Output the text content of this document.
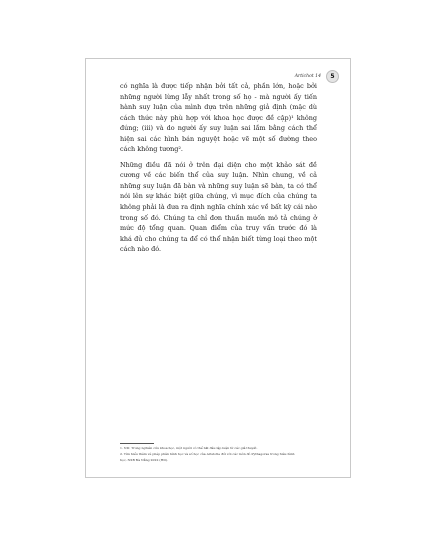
Artichot 14	5

có nghĩa là được tiếp nhận bởi tất cả, phần lớn, hoặc bởi
những người lừng lẫy nhất trong số họ - mà người ấy tiến
hành suy luận của mình dựa trên những giả định (mặc dù
cách thức này phù hợp với khoa học được đề cập)¹ không
đúng; (iii) và do người ấy suy luận sai lầm bằng cách thể
hiện sai các hình bán nguyệt hoặc vẽ một số đường theo
cách không tương².

Những điều đã nói ở trên đại diện cho một khảo sát đề
cương về các biến thể của suy luận. Nhìn chung, về cả
những suy luận đã bàn và những suy luận sẽ bàn, ta có thể
nói lên sự khác biệt giữa chúng, vì mục đích của chúng ta
không phải là đưa ra định nghĩa chính xác về bất kỳ cái nào
trong số đó. Chúng ta chỉ đơn thuần muốn mô tả chúng ở
mức độ tổng quan. Quan điểm của truy vấn trước đó là
khá đủ cho chúng ta để có thể nhận biết từng loại theo một
cách nào đó.

1. ND: Trong nghiên cứu khoa học, một người có thể bắt đầu lập luận từ các giả thuyết.
2. Tìm hiểu thêm về phép phân hình học và số học của Aristotle đối với các môn đồ Pythagoras trong Siêu hình
học, NXB Đà Nẵng 2022 (HD).
